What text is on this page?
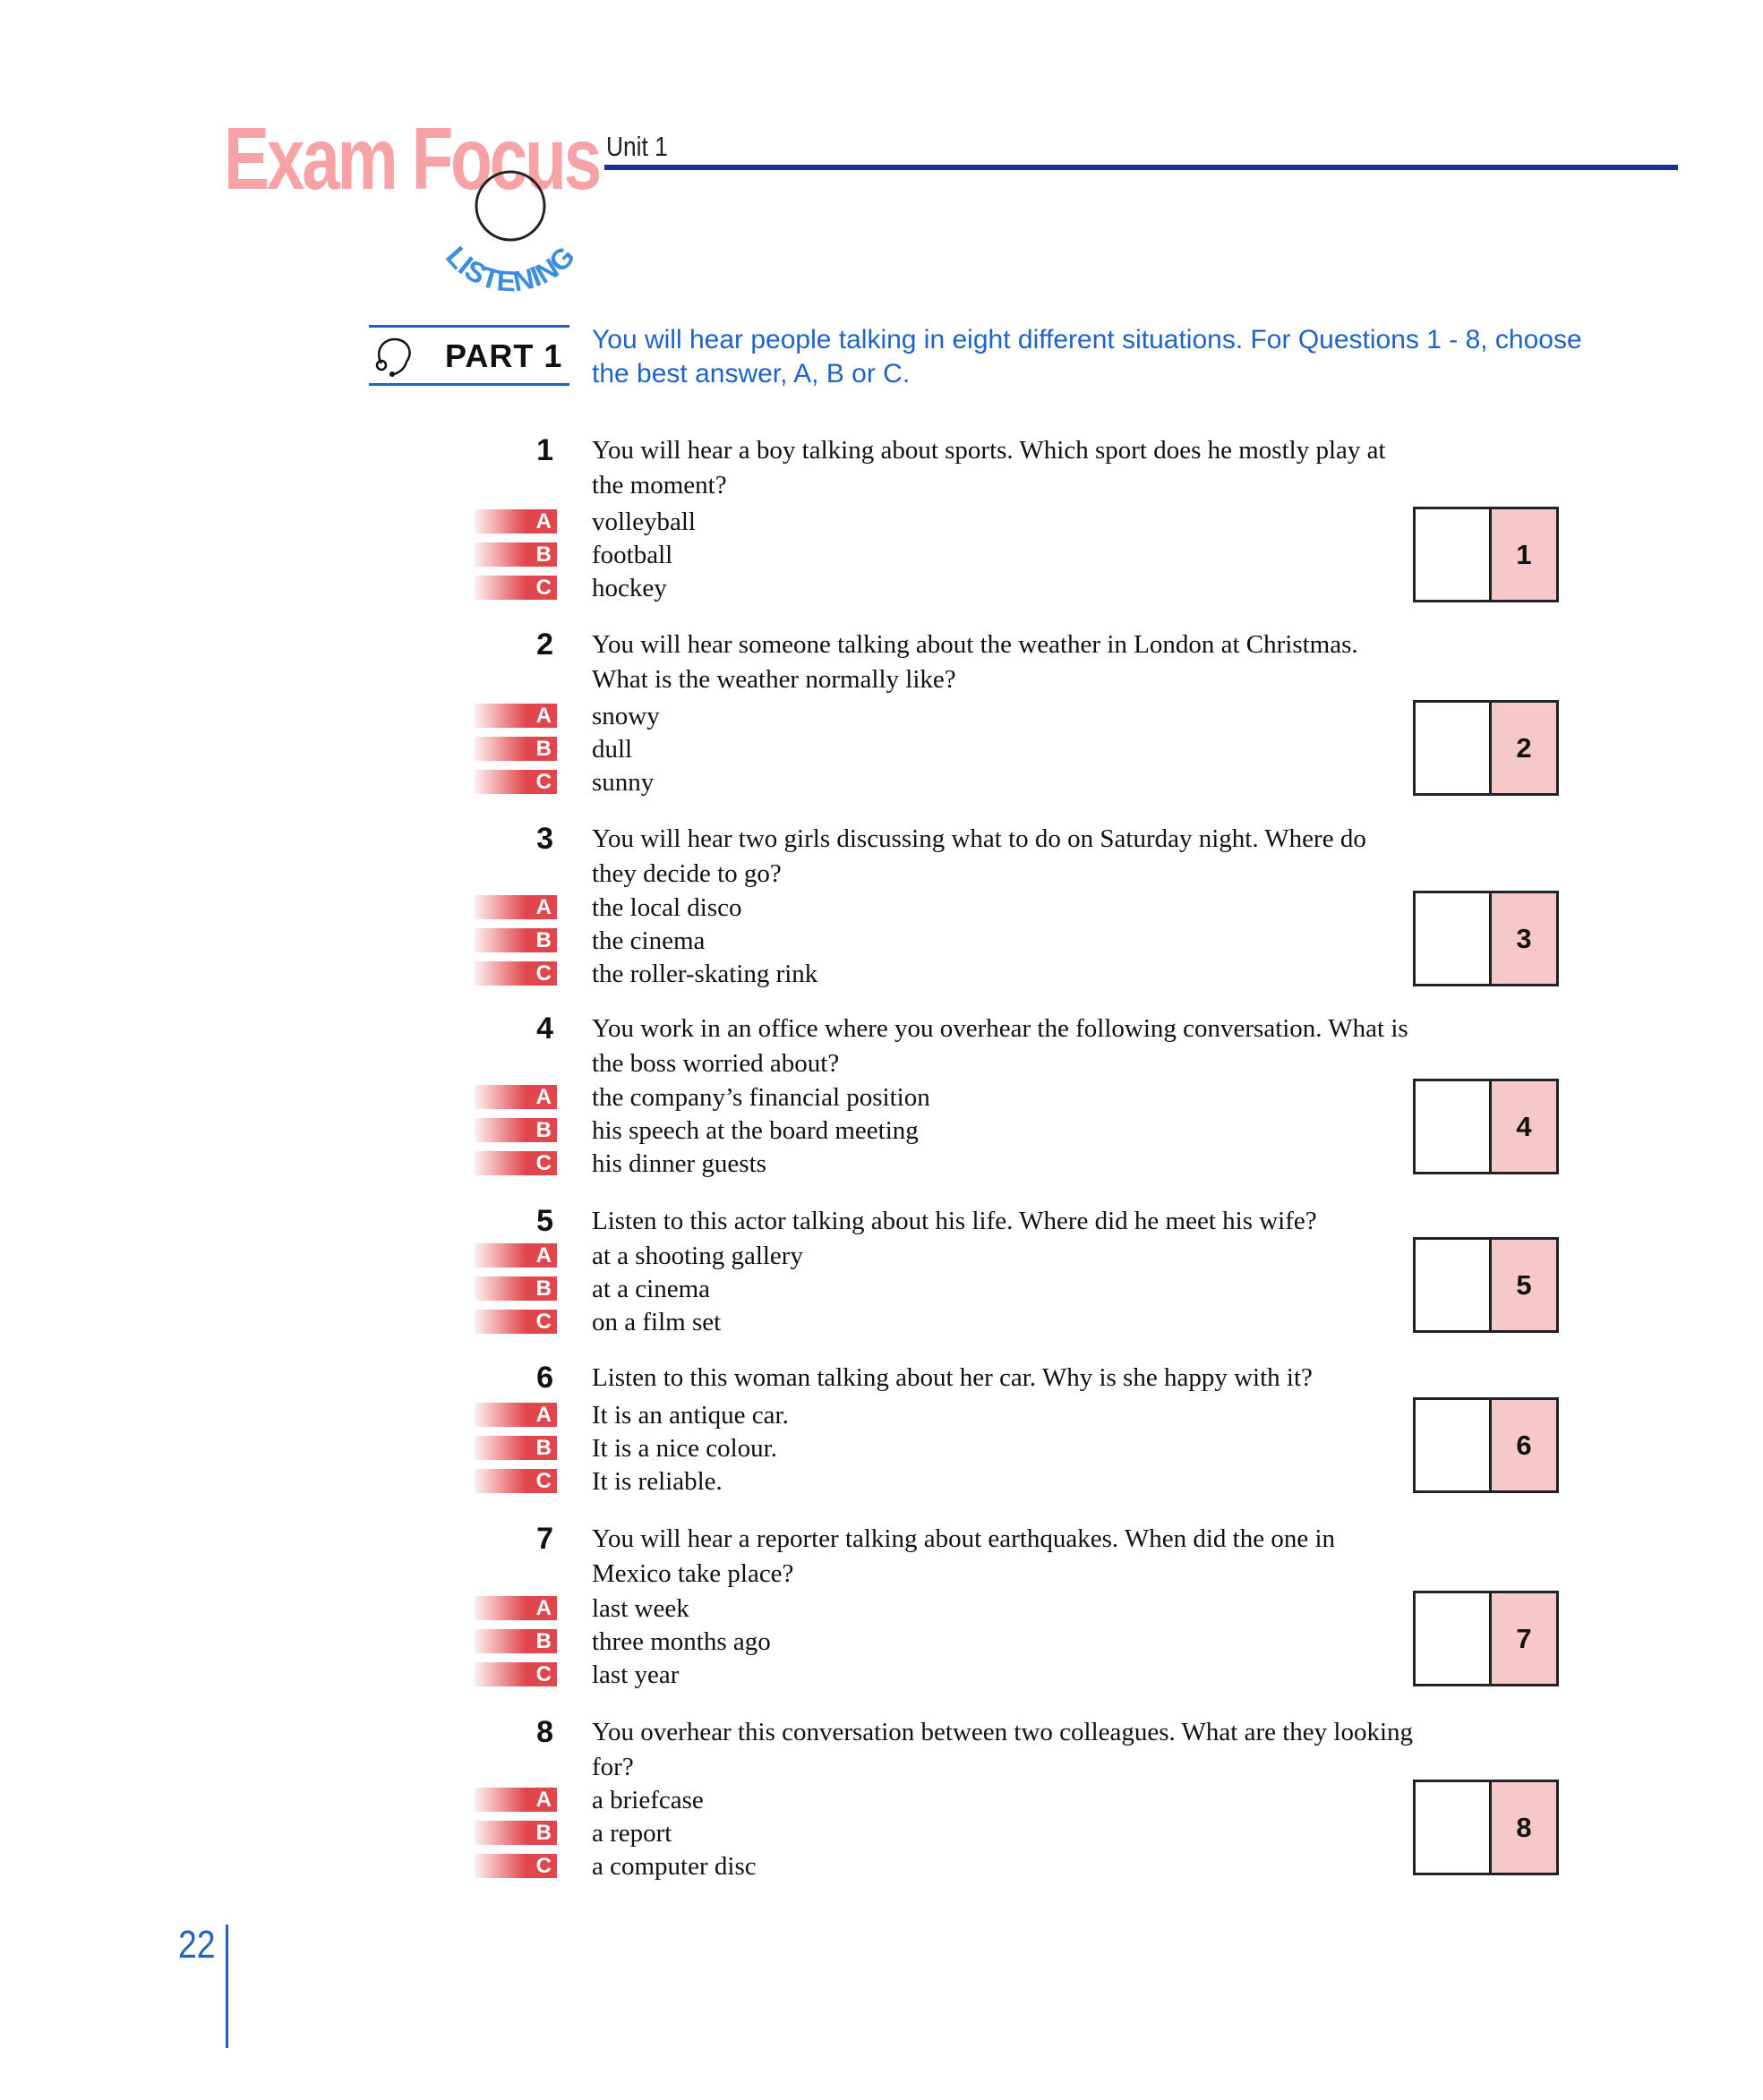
Exam Focus
LISTENING
Unit 1
PART 1 You will hear people talking in eight different situations. For Questions 1 - 8, choose the best answer, A, B or C.
1 You will hear a boy talking about sports. Which sport does he mostly play at the moment?
A volleyball
B football
C hockey
1
2 You will hear someone talking about the weather in London at Christmas. What is the weather normally like?
A snowy
B dull
C sunny
2
3 You will hear two girls discussing what to do on Saturday night. Where do they decide to go?
A the local disco
B the cinema
C the roller-skating rink
3
4 You work in an office where you overhear the following conversation. What is the boss worried about?
A the company’s financial position
B his speech at the board meeting
C his dinner guests
4
5 Listen to this actor talking about his life. Where did he meet his wife?
A at a shooting gallery
B at a cinema
C on a film set
5
6 Listen to this woman talking about her car. Why is she happy with it?
A It is an antique car.
B It is a nice colour.
C It is reliable.
6
7 You will hear a reporter talking about earthquakes. When did the one in Mexico take place?
A last week
B three months ago
C last year
7
8 You overhear this conversation between two colleagues. What are they looking for?
A a briefcase
B a report
C a computer disc
8
22
